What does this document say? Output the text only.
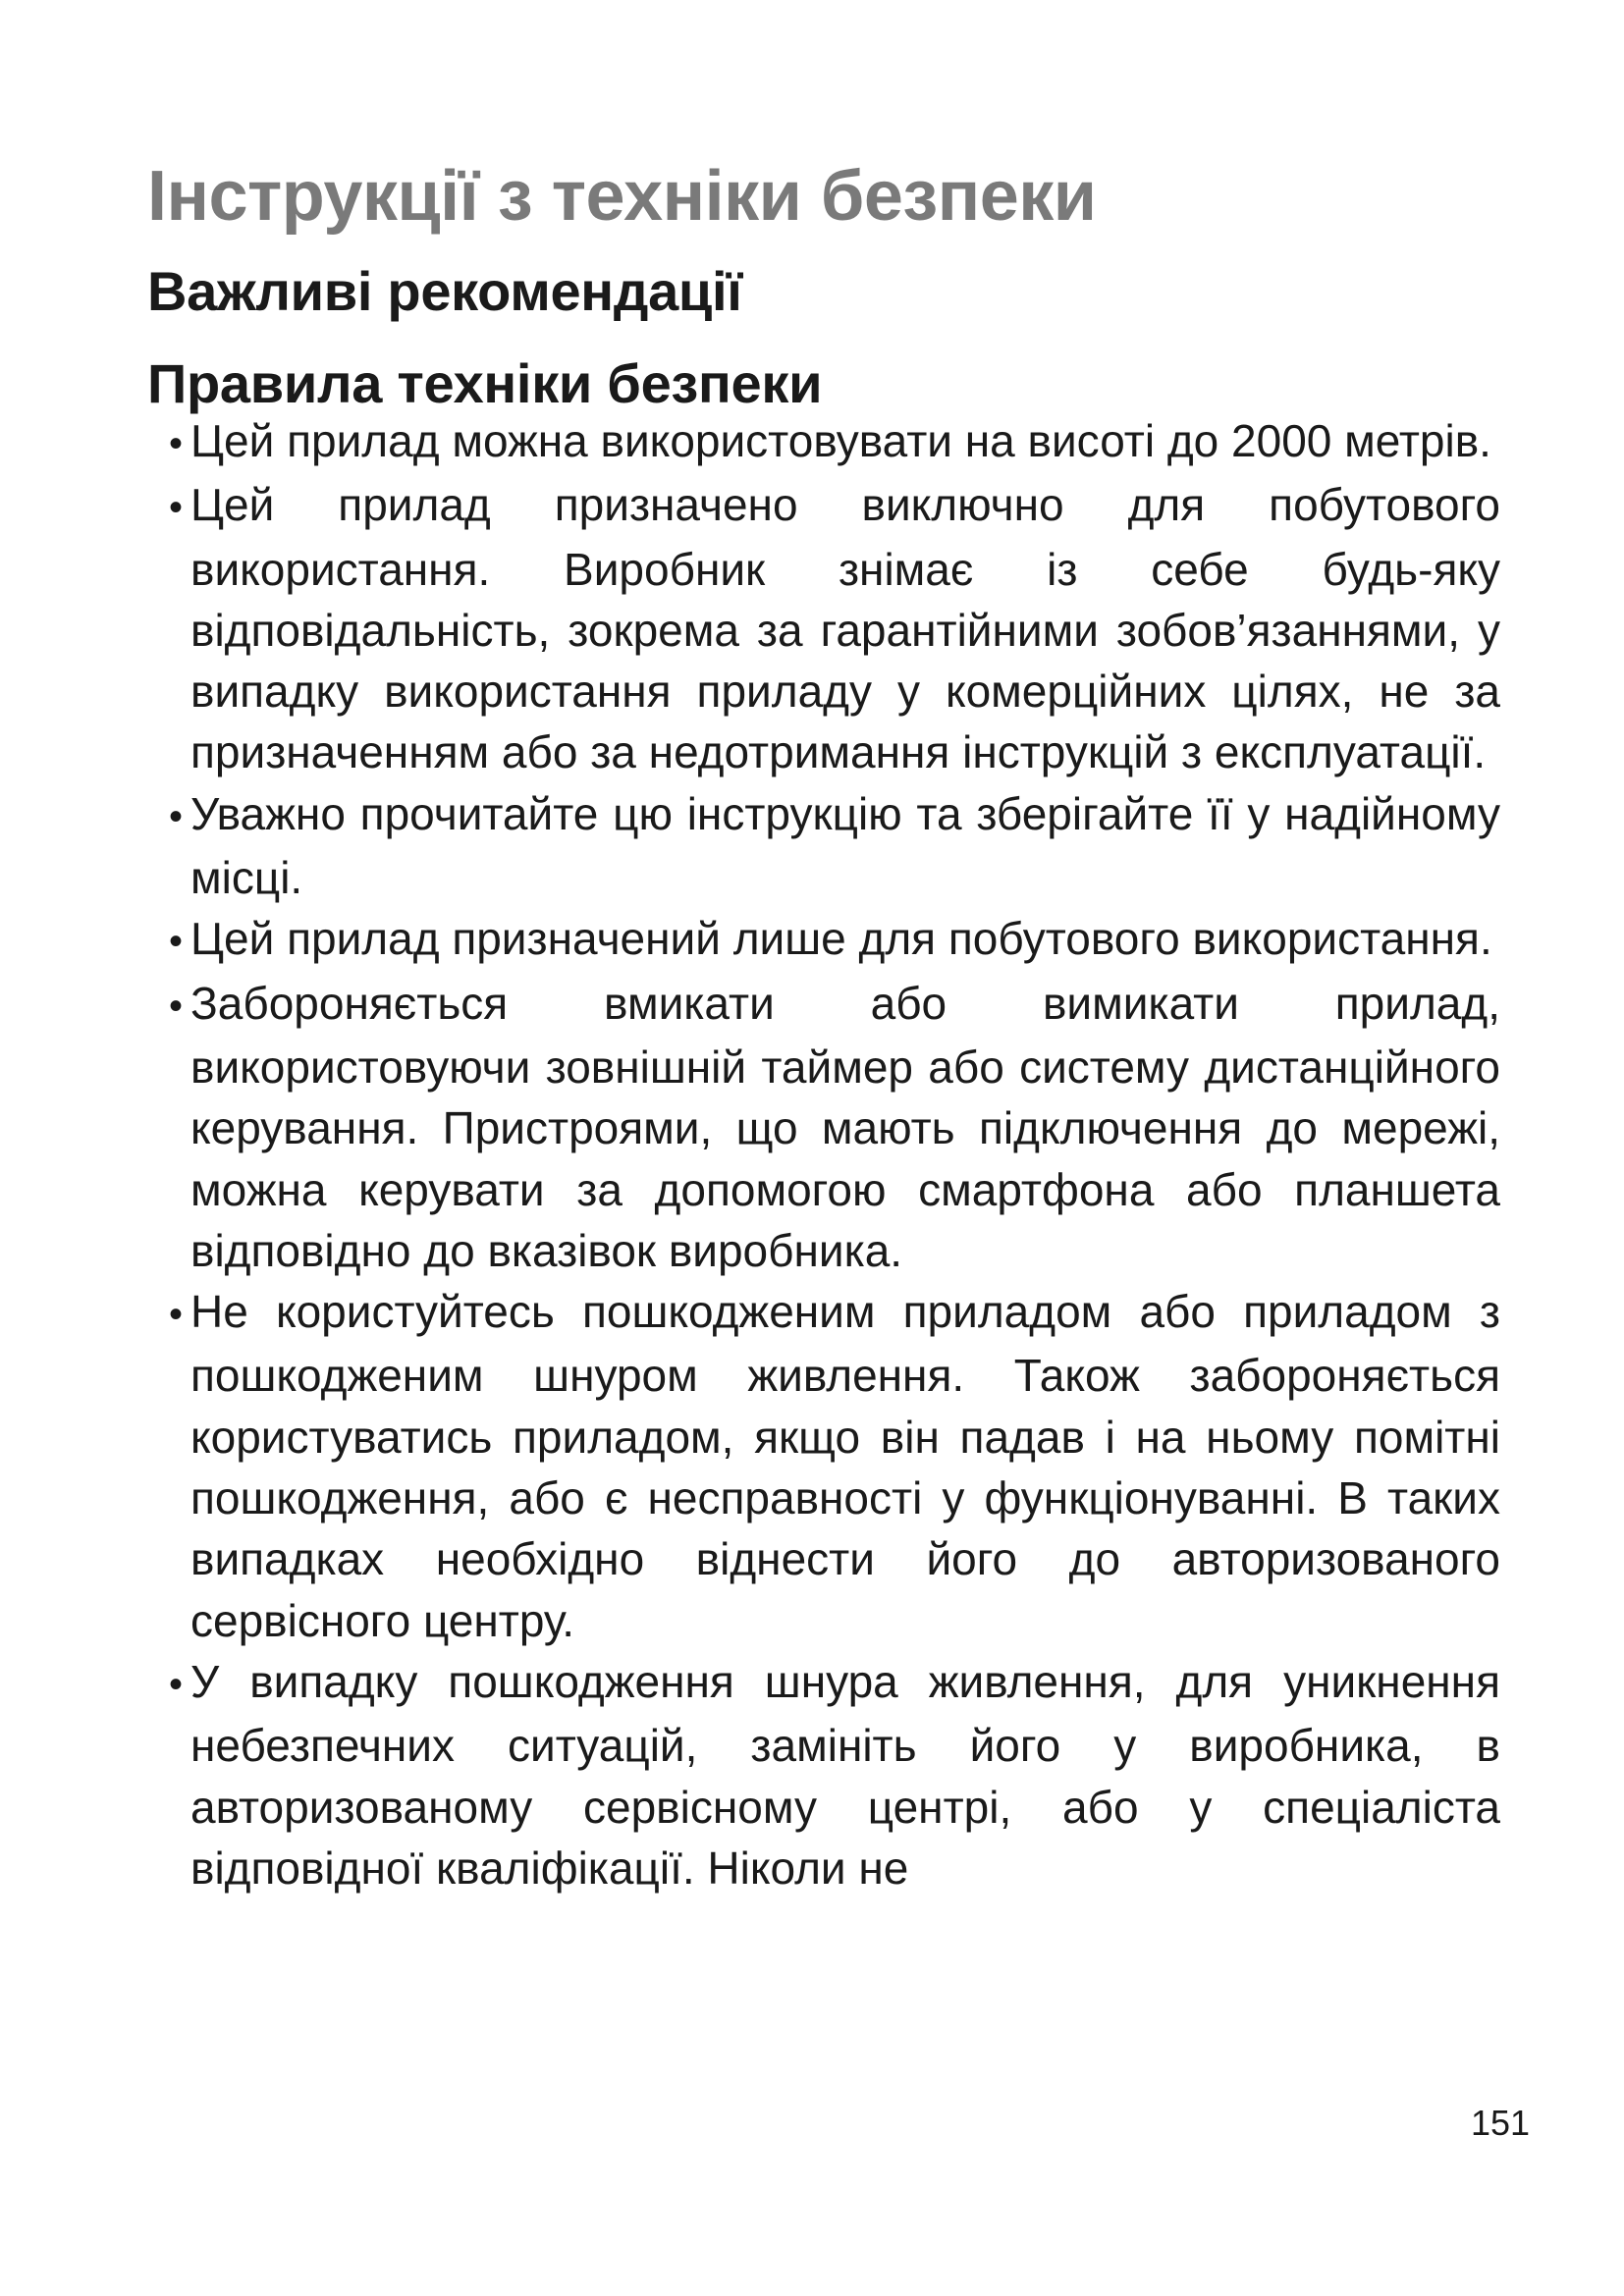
Інструкції з техніки безпеки
Важливі рекомендації
Правила техніки безпеки
• Цей прилад можна використовувати на висоті до 2000 метрів.
• Цей прилад призначено виключно для побутового використання. Виробник знімає із себе будь-яку відповідальність, зокрема за гарантійними зобов’язаннями, у випадку використання приладу у комерційних цілях, не за призначенням або за недотримання інструкцій з експлуатації.
• Уважно прочитайте цю інструкцію та зберігайте її у надійному місці.
• Цей прилад призначений лише для побутового використання.
• Забороняється вмикати або вимикати прилад, використовуючи зовнішній таймер або систему дистанційного керування. Пристроями, що мають підключення до мережі, можна керувати за допомогою смартфона або планшета відповідно до вказівок виробника.
• Не користуйтесь пошкодженим приладом або приладом з пошкодженим шнуром живлення. Також забороняється користуватись приладом, якщо він падав і на ньому помітні пошкодження, або є несправності у функціонуванні. В таких випадках необхідно віднести його до авторизованого сервісного центру.
• У випадку пошкодження шнура живлення, для уникнення небезпечних ситуацій, замініть його у виробника, в авторизованому сервісному центрі, або у спеціаліста відповідної кваліфікації. Ніколи не
151
